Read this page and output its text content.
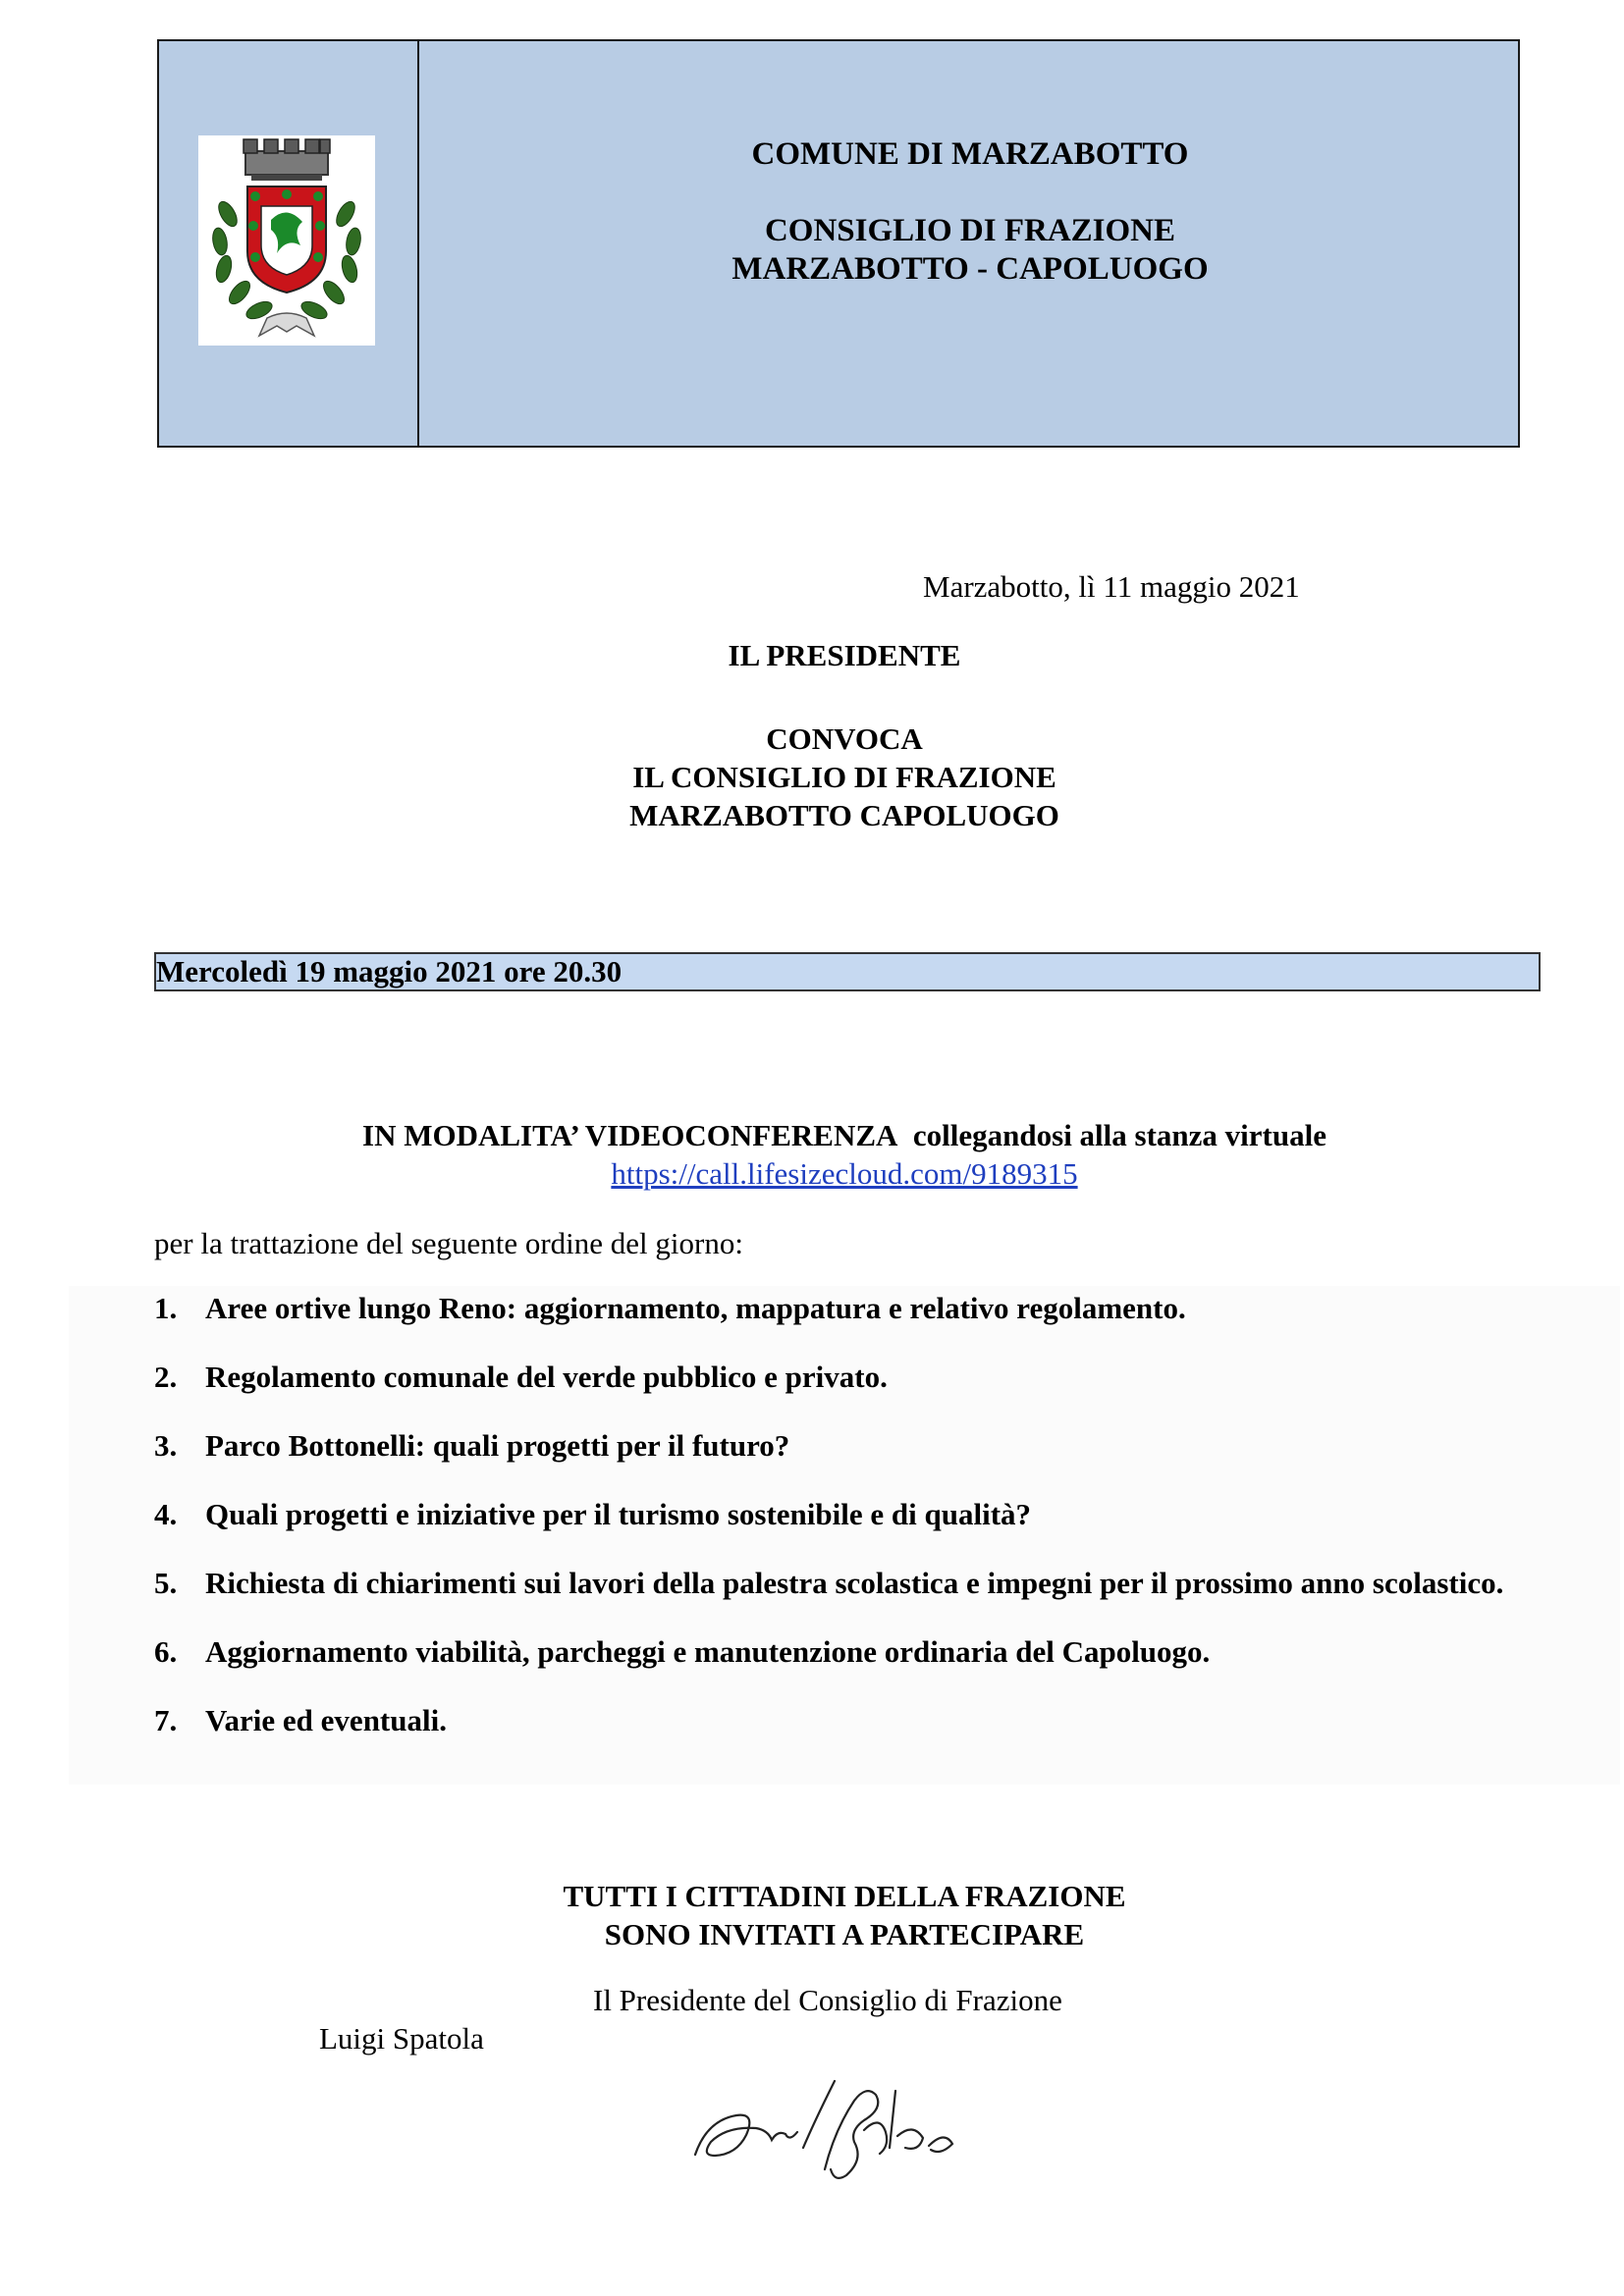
COMUNE DI MARZABOTTO
CONSIGLIO DI FRAZIONE
MARZABOTTO - CAPOLUOGO
Marzabotto, lì 11 maggio 2021
IL PRESIDENTE
CONVOCA
IL CONSIGLIO DI FRAZIONE
MARZABOTTO CAPOLUOGO
Mercoledì 19 maggio 2021 ore 20.30
IN MODALITA’ VIDEOCONFERENZA collegandosi alla stanza virtuale
https://call.lifesizecloud.com/9189315
per la trattazione del seguente ordine del giorno:
1. Aree ortive lungo Reno: aggiornamento, mappatura e relativo regolamento.
2. Regolamento comunale del verde pubblico e privato.
3. Parco Bottonelli: quali progetti per il futuro?
4. Quali progetti e iniziative per il turismo sostenibile e di qualità?
5. Richiesta di chiarimenti sui lavori della palestra scolastica e impegni per il prossimo anno scolastico.
6. Aggiornamento viabilità, parcheggi e manutenzione ordinaria del Capoluogo.
7. Varie ed eventuali.
TUTTI I CITTADINI DELLA FRAZIONE
SONO INVITATI A PARTECIPARE
Il Presidente del Consiglio di Frazione
Luigi Spatola
